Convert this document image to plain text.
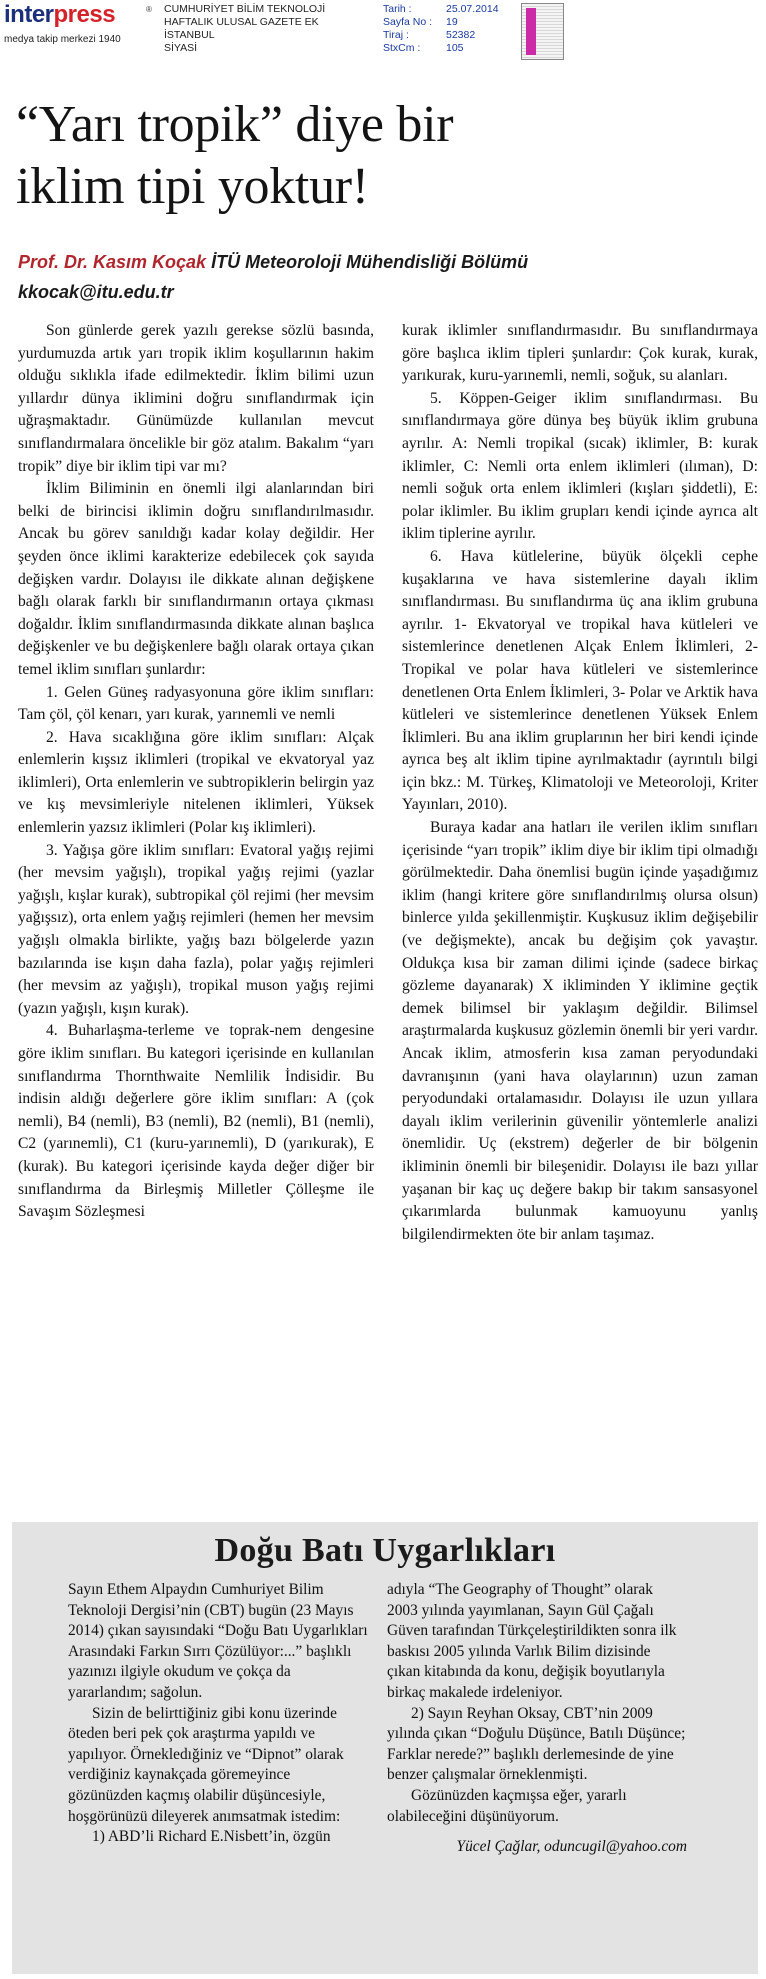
interpress	®
medya takip merkezi 1940
CUMHURİYET BİLİM TEKNOLOJİ
HAFTALIK ULUSAL GAZETE EK
İSTANBUL
SİYASİ
Tarih :	25.07.2014
Sayfa No :	19
Tiraj :	52382
StxCm :	105
“Yarı tropik” diye bir
iklim tipi yoktur!
Prof. Dr. Kasım Koçak İTÜ Meteoroloji Mühendisliği Bölümü
kkocak@itu.edu.tr

Son günlerde gerek yazılı gerekse sözlü basında, yurdumuzda artık yarı tropik iklim koşullarının hakim olduğu sıklıkla ifade edilmektedir. İklim bilimi uzun yıllardır dünya iklimini doğru sınıflandırmak için uğraşmaktadır. Günümüzde kullanılan mevcut sınıflandırmalara öncelikle bir göz atalım. Bakalım “yarı tropik” diye bir iklim tipi var mı?

İklim Biliminin en önemli ilgi alanlarından biri belki de birincisi iklimin doğru sınıflandırılmasıdır. Ancak bu görev sanıldığı kadar kolay değildir. Her şeyden önce iklimi karakterize edebilecek çok sayıda değişken vardır. Dolayısı ile dikkate alınan değişkene bağlı olarak farklı bir sınıflandırmanın ortaya çıkması doğaldır. İklim sınıflandırmasında dikkate alınan başlıca değişkenler ve bu değişkenlere bağlı olarak ortaya çıkan temel iklim sınıfları şunlardır:

1. Gelen Güneş radyasyonuna göre iklim sınıfları: Tam çöl, çöl kenarı, yarı kurak, yarınemli ve nemli

2. Hava sıcaklığına göre iklim sınıfları: Alçak enlemlerin kışsız iklimleri (tropikal ve ekvatoryal yaz iklimleri), Orta enlemlerin ve subtropiklerin belirgin yaz ve kış mevsimleriyle nitelenen iklimleri, Yüksek enlemlerin yazsız iklimleri (Polar kış iklimleri).

3. Yağışa göre iklim sınıfları: Evatoral yağış rejimi (her mevsim yağışlı), tropikal yağış rejimi (yazlar yağışlı, kışlar kurak), subtropikal çöl rejimi (her mevsim yağışsız), orta enlem yağış rejimleri (hemen her mevsim yağışlı olmakla birlikte, yağış bazı bölgelerde yazın bazılarında ise kışın daha fazla), polar yağış rejimleri (her mevsim az yağışlı), tropikal muson yağış rejimi (yazın yağışlı, kışın kurak).

4. Buharlaşma-terleme ve toprak-nem dengesine göre iklim sınıfları. Bu kategori içerisinde en kullanılan sınıflandırma Thornthwaite Nemlilik İndisidir. Bu indisin aldığı değerlere göre iklim sınıfları: A (çok nemli), B4 (nemli), B3 (nemli), B2 (nemli), B1 (nemli), C2 (yarınemli), C1 (kuru-yarınemli), D (yarıkurak), E (kurak). Bu kategori içerisinde kayda değer diğer bir sınıflandırma da Birleşmiş Milletler Çölleşme ile Savaşım Sözleşmesi

kurak iklimler sınıflandırmasıdır. Bu sınıflandırmaya göre başlıca iklim tipleri şunlardır: Çok kurak, kurak, yarıkurak, kuru-yarınemli, nemli, soğuk, su alanları.

5. Köppen-Geiger iklim sınıflandırması. Bu sınıflandırmaya göre dünya beş büyük iklim grubuna ayrılır. A: Nemli tropikal (sıcak) iklimler, B: kurak iklimler, C: Nemli orta enlem iklimleri (ılıman), D: nemli soğuk orta enlem iklimleri (kışları şiddetli), E: polar iklimler. Bu iklim grupları kendi içinde ayrıca alt iklim tiplerine ayrılır.

6. Hava kütlelerine, büyük ölçekli cephe kuşaklarına ve hava sistemlerine dayalı iklim sınıflandırması. Bu sınıflandırma üç ana iklim grubuna ayrılır. 1- Ekvatoryal ve tropikal hava kütleleri ve sistemlerince denetlenen Alçak Enlem İklimleri, 2- Tropikal ve polar hava kütleleri ve sistemlerince denetlenen Orta Enlem İklimleri, 3- Polar ve Arktik hava kütleleri ve sistemlerince denetlenen Yüksek Enlem İklimleri. Bu ana iklim gruplarının her biri kendi içinde ayrıca beş alt iklim tipine ayrılmaktadır (ayrıntılı bilgi için bkz.: M. Türkeş, Klimatoloji ve Meteoroloji, Kriter Yayınları, 2010).

Buraya kadar ana hatları ile verilen iklim sınıfları içerisinde “yarı tropik” iklim diye bir iklim tipi olmadığı görülmektedir. Daha önemlisi bugün içinde yaşadığımız iklim (hangi kritere göre sınıflandırılmış olursa olsun) binlerce yılda şekillenmiştir. Kuşkusuz iklim değişebilir (ve değişmekte), ancak bu değişim çok yavaştır. Oldukça kısa bir zaman dilimi içinde (sadece birkaç gözleme dayanarak) X ikliminden Y iklimine geçtik demek bilimsel bir yaklaşım değildir. Bilimsel araştırmalarda kuşkusuz gözlemin önemli bir yeri vardır. Ancak iklim, atmosferin kısa zaman peryodundaki davranışının (yani hava olaylarının) uzun zaman peryodundaki ortalamasıdır. Dolayısı ile uzun yıllara dayalı iklim verilerinin güvenilir yöntemlerle analizi önemlidir. Uç (ekstrem) değerler de bir bölgenin ikliminin önemli bir bileşenidir. Dolayısı ile bazı yıllar yaşanan bir kaç uç değere bakıp bir takım sansasyonel çıkarımlarda bulunmak kamuoyunu yanlış bilgilendirmekten öte bir anlam taşımaz.

Doğu Batı Uygarlıkları

Sayın Ethem Alpaydın Cumhuriyet Bilim Teknoloji Dergisi’nin (CBT) bugün (23 Mayıs 2014) çıkan sayısındaki “Doğu Batı Uygarlıkları Arasındaki Farkın Sırrı Çözülüyor:...” başlıklı yazınızı ilgiyle okudum ve çokça da yararlandım; sağolun.

Sizin de belirttiğiniz gibi konu üzerinde öteden beri pek çok araştırma yapıldı ve yapılıyor. Örnekledığiniz ve “Dipnot” olarak verdiğiniz kaynakçada göremeyince gözünüzden kaçmış olabilir düşüncesiyle, hoşgörünüzü dileyerek anımsatmak istedim:

1) ABD’li Richard E.Nisbett’in, özgün

adıyla “The Geography of Thought” olarak 2003 yılında yayımlanan, Sayın Gül Çağalı Güven tarafından Türkçeleştirildikten sonra ilk baskısı 2005 yılında Varlık Bilim dizisinde çıkan kitabında da konu, değişik boyutlarıyla birkaç makalede irdeleniyor.

2) Sayın Reyhan Oksay, CBT’nin 2009 yılında çıkan “Doğulu Düşünce, Batılı Düşünce; Farklar nerede?” başlıklı derlemesinde de yine benzer çalışmalar örneklenmişti.

Gözünüzden kaçmışsa eğer, yararlı olabileceğini düşünüyorum.

Yücel Çağlar, oduncugil@yahoo.com
